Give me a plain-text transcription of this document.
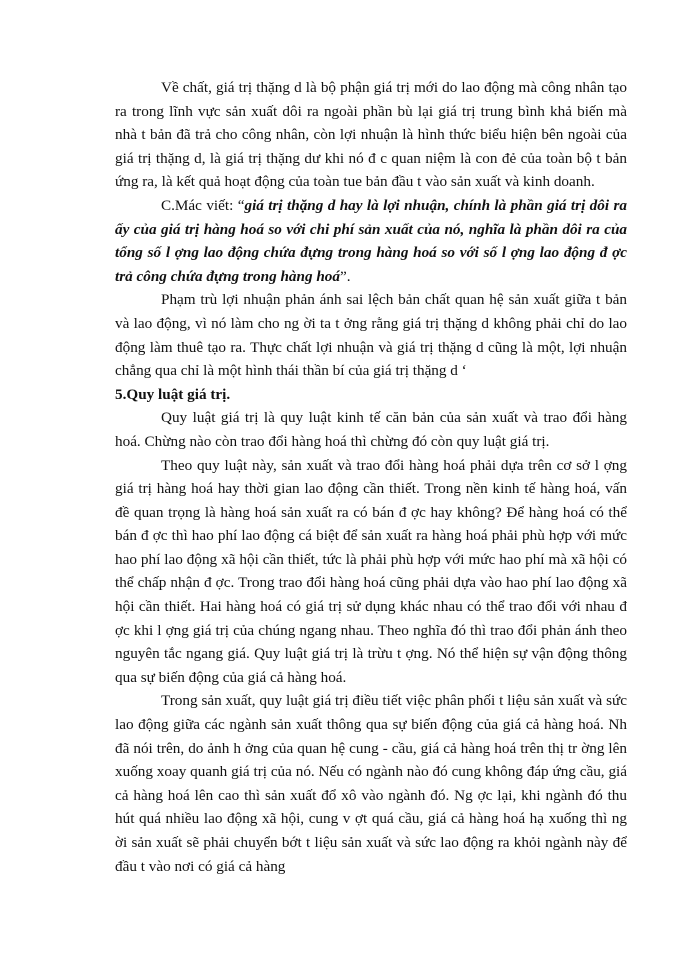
Về chất, giá trị thặng d là bộ phận giá trị mới do lao động mà công nhân tạo ra trong lĩnh vực sản xuất dôi ra ngoài phần bù lại giá trị trung bình khả biến mà nhà t bản đã trả cho công nhân, còn lợi nhuận là hình thức biểu hiện bên ngoài của giá trị thặng d, là giá trị thặng dư khi nó đ c quan niệm là con đẻ của toàn bộ t bản ứng ra, là kết quả hoạt động của toàn tue bản đầu t vào sản xuất và kinh doanh.

C.Mác viết: “giá trị thặng d hay là lợi nhuận, chính là phần giá trị dôi ra ấy của giá trị hàng hoá so với chi phí sản xuất của nó, nghĩa là phần dôi ra của tổng số l ợng lao động chứa đựng trong hàng hoá so với số l ợng lao động đ ợc trả công chứa đựng trong hàng hoá”.

Phạm trù lợi nhuận phản ánh sai lệch bản chất quan hệ sản xuất giữa t bản và lao động, vì nó làm cho ng ời ta t ởng rằng giá trị thặng d không phải chỉ do lao động làm thuê tạo ra. Thực chất lợi nhuận và giá trị thặng d cũng là một, lợi nhuận chẳng qua chỉ là một hình thái thần bí của giá trị thặng d ‘

5.Quy luật giá trị.

Quy luật giá trị là quy luật kinh tế căn bản của sản xuất và trao đổi hàng hoá. Chừng nào còn trao đổi hàng hoá thì chừng đó còn quy luật giá trị.

Theo quy luật này, sản xuất và trao đổi hàng hoá phải dựa trên cơ sở l ợng giá trị hàng hoá hay thời gian lao động cần thiết. Trong nền kinh tế hàng hoá, vấn đề quan trọng là hàng hoá sản xuất ra có bán đ ợc hay không? Để hàng hoá có thể bán đ ợc thì hao phí lao động cá biệt để sản xuất ra hàng hoá phải phù hợp với mức hao phí lao động xã hội cần thiết, tức là phải phù hợp với mức hao phí mà xã hội có thể chấp nhận đ ợc. Trong trao đổi hàng hoá cũng phải dựa vào hao phí lao động xã hội cần thiết. Hai hàng hoá có giá trị sử dụng khác nhau có thể trao đổi với nhau đ ợc khi l ợng giá trị của chúng ngang nhau. Theo nghĩa đó thì trao đổi phản ánh theo nguyên tắc ngang giá. Quy luật giá trị là trừu t ợng. Nó thể hiện sự vận động thông qua sự biến động của giá cả hàng hoá.

Trong sản xuất, quy luật giá trị điều tiết việc phân phối t liệu sản xuất và sức lao động giữa các ngành sản xuất thông qua sự biến động của giá cả hàng hoá. Nh đã nói trên, do ảnh h ởng của quan hệ cung - cầu, giá cả hàng hoá trên thị tr ờng lên xuống xoay quanh giá trị của nó. Nếu có ngành nào đó cung không đáp ứng cầu, giá cả hàng hoá lên cao thì sản xuất đổ xô vào ngành đó. Ng ợc lại, khi ngành đó thu hút quá nhiều lao động xã hội, cung v ợt quá cầu, giá cả hàng hoá hạ xuống thì ng ời sản xuất sẽ phải chuyển bớt t liệu sản xuất và sức lao động ra khỏi ngành này để đầu t vào nơi có giá cả hàng
